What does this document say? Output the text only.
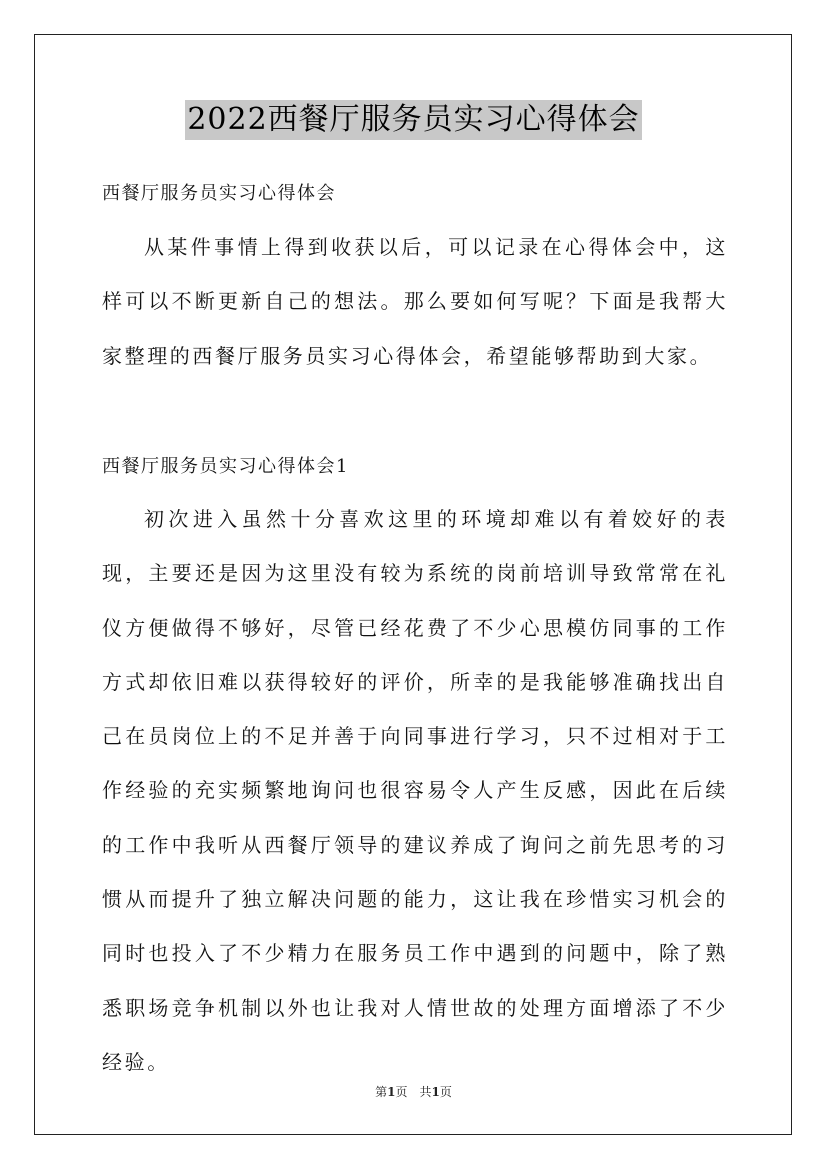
2022西餐厅服务员实习心得体会
西餐厅服务员实习心得体会
从某件事情上得到收获以后，可以记录在心得体会中，这样可以不断更新自己的想法。那么要如何写呢？下面是我帮大家整理的西餐厅服务员实习心得体会，希望能够帮助到大家。
西餐厅服务员实习心得体会1
初次进入虽然十分喜欢这里的环境却难以有着姣好的表现，主要还是因为这里没有较为系统的岗前培训导致常常在礼仪方便做得不够好，尽管已经花费了不少心思模仿同事的工作方式却依旧难以获得较好的评价，所幸的是我能够准确找出自己在员岗位上的不足并善于向同事进行学习，只不过相对于工作经验的充实频繁地询问也很容易令人产生反感，因此在后续的工作中我听从西餐厅领导的建议养成了询问之前先思考的习惯从而提升了独立解决问题的能力，这让我在珍惜实习机会的同时也投入了不少精力在服务员工作中遇到的问题中，除了熟悉职场竞争机制以外也让我对人情世故的处理方面增添了不少经验。
第1页　共1页
